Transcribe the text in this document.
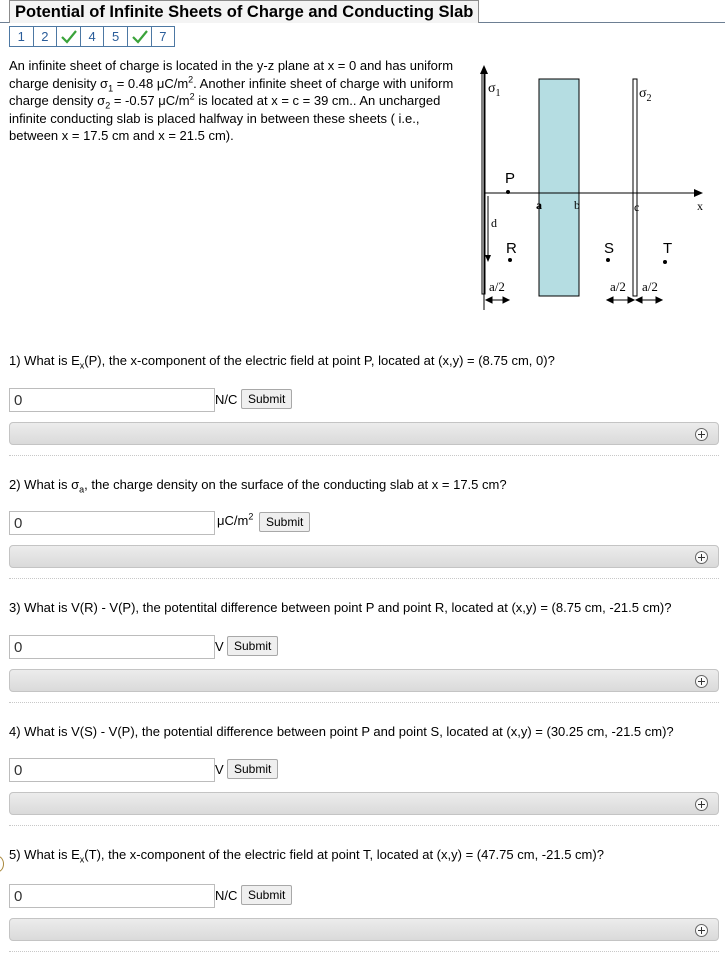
Potential of Infinite Sheets of Charge and Conducting Slab
1	2	4	5	7
An infinite sheet of charge is located in the y-z plane at x = 0 and has uniform charge denisity $\sigma_1 = 0.48$ $\mu C/m^2$. Another infinite sheet of charge with uniform charge density $\sigma_2 = -0.57$ $\mu C/m^2$ is located at x = c = 39 cm.. An uncharged infinite conducting slab is placed halfway in between these sheets ( i.e., between x = 17.5 cm and x = 21.5 cm).
x
$\sigma_1$	$\sigma_2$
P
a	b	c
d
R	S	T
a/2	a/2 a/2
1) What is $E_x(P)$, the x-component of the electric field at point P, located at (x,y) = (8.75 cm, 0)?
0
N/C Submit
2) What is $\sigma_a$, the charge density on the surface of the conducting slab at x = 17.5 cm?
0
$\mu C/m^2$	Submit
3) What is V(R) - V(P), the potentital difference between point P and point R, located at (x,y) = (8.75 cm, -21.5 cm)?
0
V Submit
4) What is V(S) - V(P), the potential difference between point P and point S, located at (x,y) = (30.25 cm, -21.5 cm)?
0
V Submit
5) What is $E_x(T)$, the x-component of the electric field at point T, located at (x,y) = (47.75 cm, -21.5 cm)?
0
N/C Submit
